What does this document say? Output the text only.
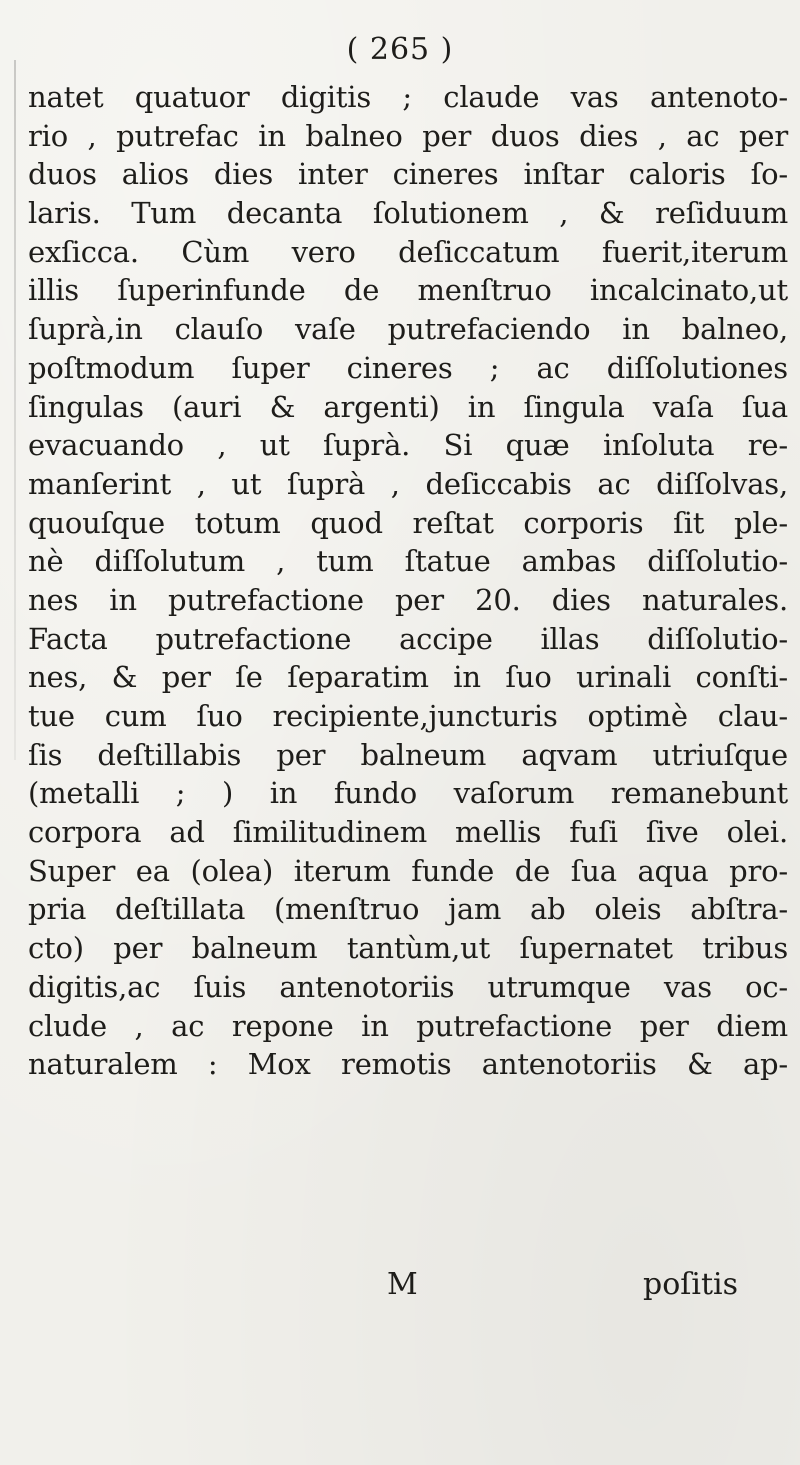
( 265 )
natet quatuor digitis ; claude vas antenoto-
rio , putrefac in balneo per duos dies , ac per
duos alios dies inter cineres inſtar caloris ſo-
laris. Tum decanta ſolutionem , & reſiduum
exſicca. Cùm vero deſiccatum fuerit,iterum
illis ſuperinfunde de menſtruo incalcinato,ut
ſuprà,in clauſo vaſe putrefaciendo in balneo,
poſtmodum ſuper cineres ; ac diſſolutiones
ſingulas (auri & argenti) in ſingula vaſa ſua
evacuando , ut ſuprà. Si quæ inſoluta re-
manſerint , ut ſuprà , deſiccabis ac diſſolvas,
quouſque totum quod reſtat corporis ſit ple-
nè diſſolutum , tum ſtatue ambas diſſolutio-
nes in putrefactione per 20. dies naturales.
Facta putrefactione accipe illas diſſolutio-
nes, & per ſe ſeparatim in ſuo urinali conſti-
tue cum ſuo recipiente,juncturis optimè clau-
ſis deſtillabis per balneum aqvam utriuſque
(metalli ; ) in fundo vaſorum remanebunt
corpora ad ſimilitudinem mellis fuſi ſive olei.
Super ea (olea) iterum funde de ſua aqua pro-
pria deſtillata (menſtruo jam ab oleis abſtra-
cto) per balneum tantùm,ut ſupernatet tribus
digitis,ac ſuis antenotoriis utrumque vas oc-
clude , ac repone in putrefactione per diem
naturalem : Mox remotis antenotoriis & ap-
M	poſitis
